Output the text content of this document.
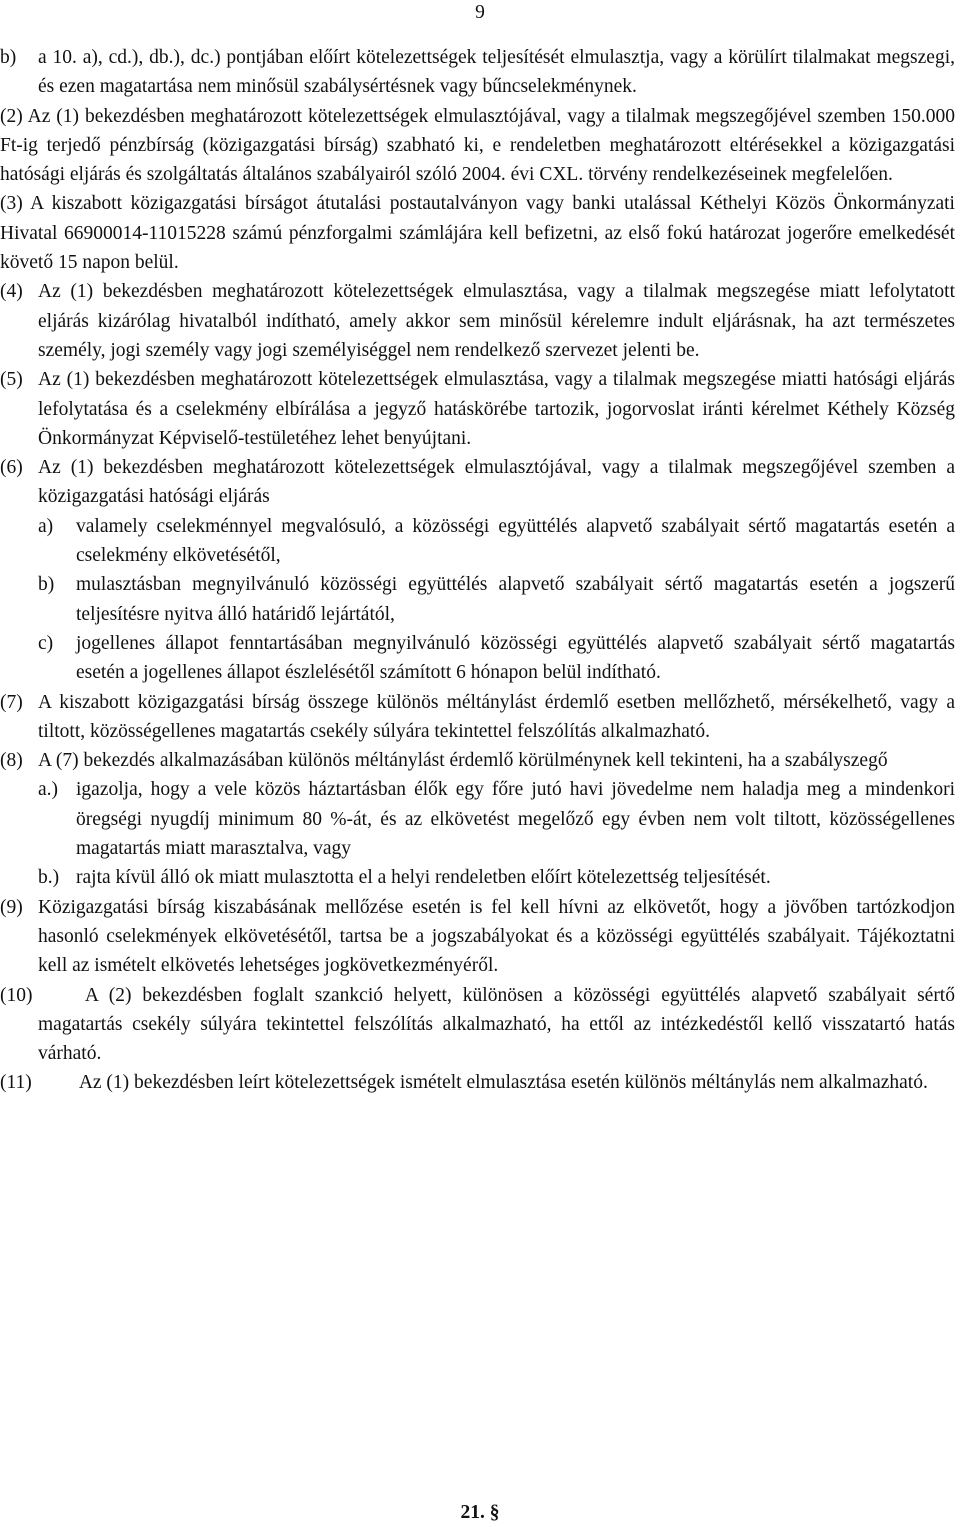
9
b) a 10. a), cd.), db.), dc.) pontjában előírt kötelezettségek teljesítését elmulasztja, vagy a körülírt tilalmakat megszegi, és ezen magatartása nem minősül szabálysértésnek vagy bűncselekménynek.
(2) Az (1) bekezdésben meghatározott kötelezettségek elmulasztójával, vagy a tilalmak megszegőjével szemben 150.000 Ft-ig terjedő pénzbírság (közigazgatási bírság) szabható ki, e rendeletben meghatározott eltérésekkel a közigazgatási hatósági eljárás és szolgáltatás általános szabályairól szóló 2004. évi CXL. törvény rendelkezéseinek megfelelően.
(3) A kiszabott közigazgatási bírságot átutalási postautalványon vagy banki utalással Kéthelyi Közös Önkormányzati Hivatal 66900014-11015228 számú pénzforgalmi számlájára kell befizetni, az első fokú határozat jogerőre emelkedését követő 15 napon belül.
(4) Az (1) bekezdésben meghatározott kötelezettségek elmulasztása, vagy a tilalmak megszegése miatt lefolytatott eljárás kizárólag hivatalból indítható, amely akkor sem minősül kérelemre indult eljárásnak, ha azt természetes személy, jogi személy vagy jogi személyiséggel nem rendelkező szervezet jelenti be.
(5) Az (1) bekezdésben meghatározott kötelezettségek elmulasztása, vagy a tilalmak megszegése miatti hatósági eljárás lefolytatása és a cselekmény elbírálása a jegyző hatáskörébe tartozik, jogorvoslat iránti kérelmet Kéthely Község Önkormányzat Képviselő-testületéhez lehet benyújtani.
(6) Az (1) bekezdésben meghatározott kötelezettségek elmulasztójával, vagy a tilalmak megszegőjével szemben a közigazgatási hatósági eljárás
a) valamely cselekménnyel megvalósuló, a közösségi együttélés alapvető szabályait sértő magatartás esetén a cselekmény elkövetésétől,
b) mulasztásban megnyilvánuló közösségi együttélés alapvető szabályait sértő magatartás esetén a jogszerű teljesítésre nyitva álló határidő lejártától,
c) jogellenes állapot fenntartásában megnyilvánuló közösségi együttélés alapvető szabályait sértő magatartás esetén a jogellenes állapot észlelésétől számított 6 hónapon belül indítható.
(7) A kiszabott közigazgatási bírság összege különös méltánylást érdemlő esetben mellőzhető, mérsékelhető, vagy a tiltott, közösségellenes magatartás csekély súlyára tekintettel felszólítás alkalmazható.
(8) A (7) bekezdés alkalmazásában különös méltánylást érdemlő körülménynek kell tekinteni, ha a szabályszegő
a.) igazolja, hogy a vele közös háztartásban élők egy főre jutó havi jövedelme nem haladja meg a mindenkori öregségi nyugdíj minimum 80 %-át, és az elkövetést megelőző egy évben nem volt tiltott, közösségellenes magatartás miatt marasztalva, vagy
b.) rajta kívül álló ok miatt mulasztotta el a helyi rendeletben előírt kötelezettség teljesítését.
(9) Közigazgatási bírság kiszabásának mellőzése esetén is fel kell hívni az elkövetőt, hogy a jövőben tartózkodjon hasonló cselekmények elkövetésétől, tartsa be a jogszabályokat és a közösségi együttélés szabályait. Tájékoztatni kell az ismételt elkövetés lehetséges jogkövetkezményéről.
(10)	A (2) bekezdésben foglalt szankció helyett, különösen a közösségi együttélés alapvető szabályait sértő magatartás csekély súlyára tekintettel felszólítás alkalmazható, ha ettől az intézkedéstől kellő visszatartó hatás várható.
(11) Az (1) bekezdésben leírt kötelezettségek ismételt elmulasztása esetén különös méltánylás nem alkalmazható.
21. §
